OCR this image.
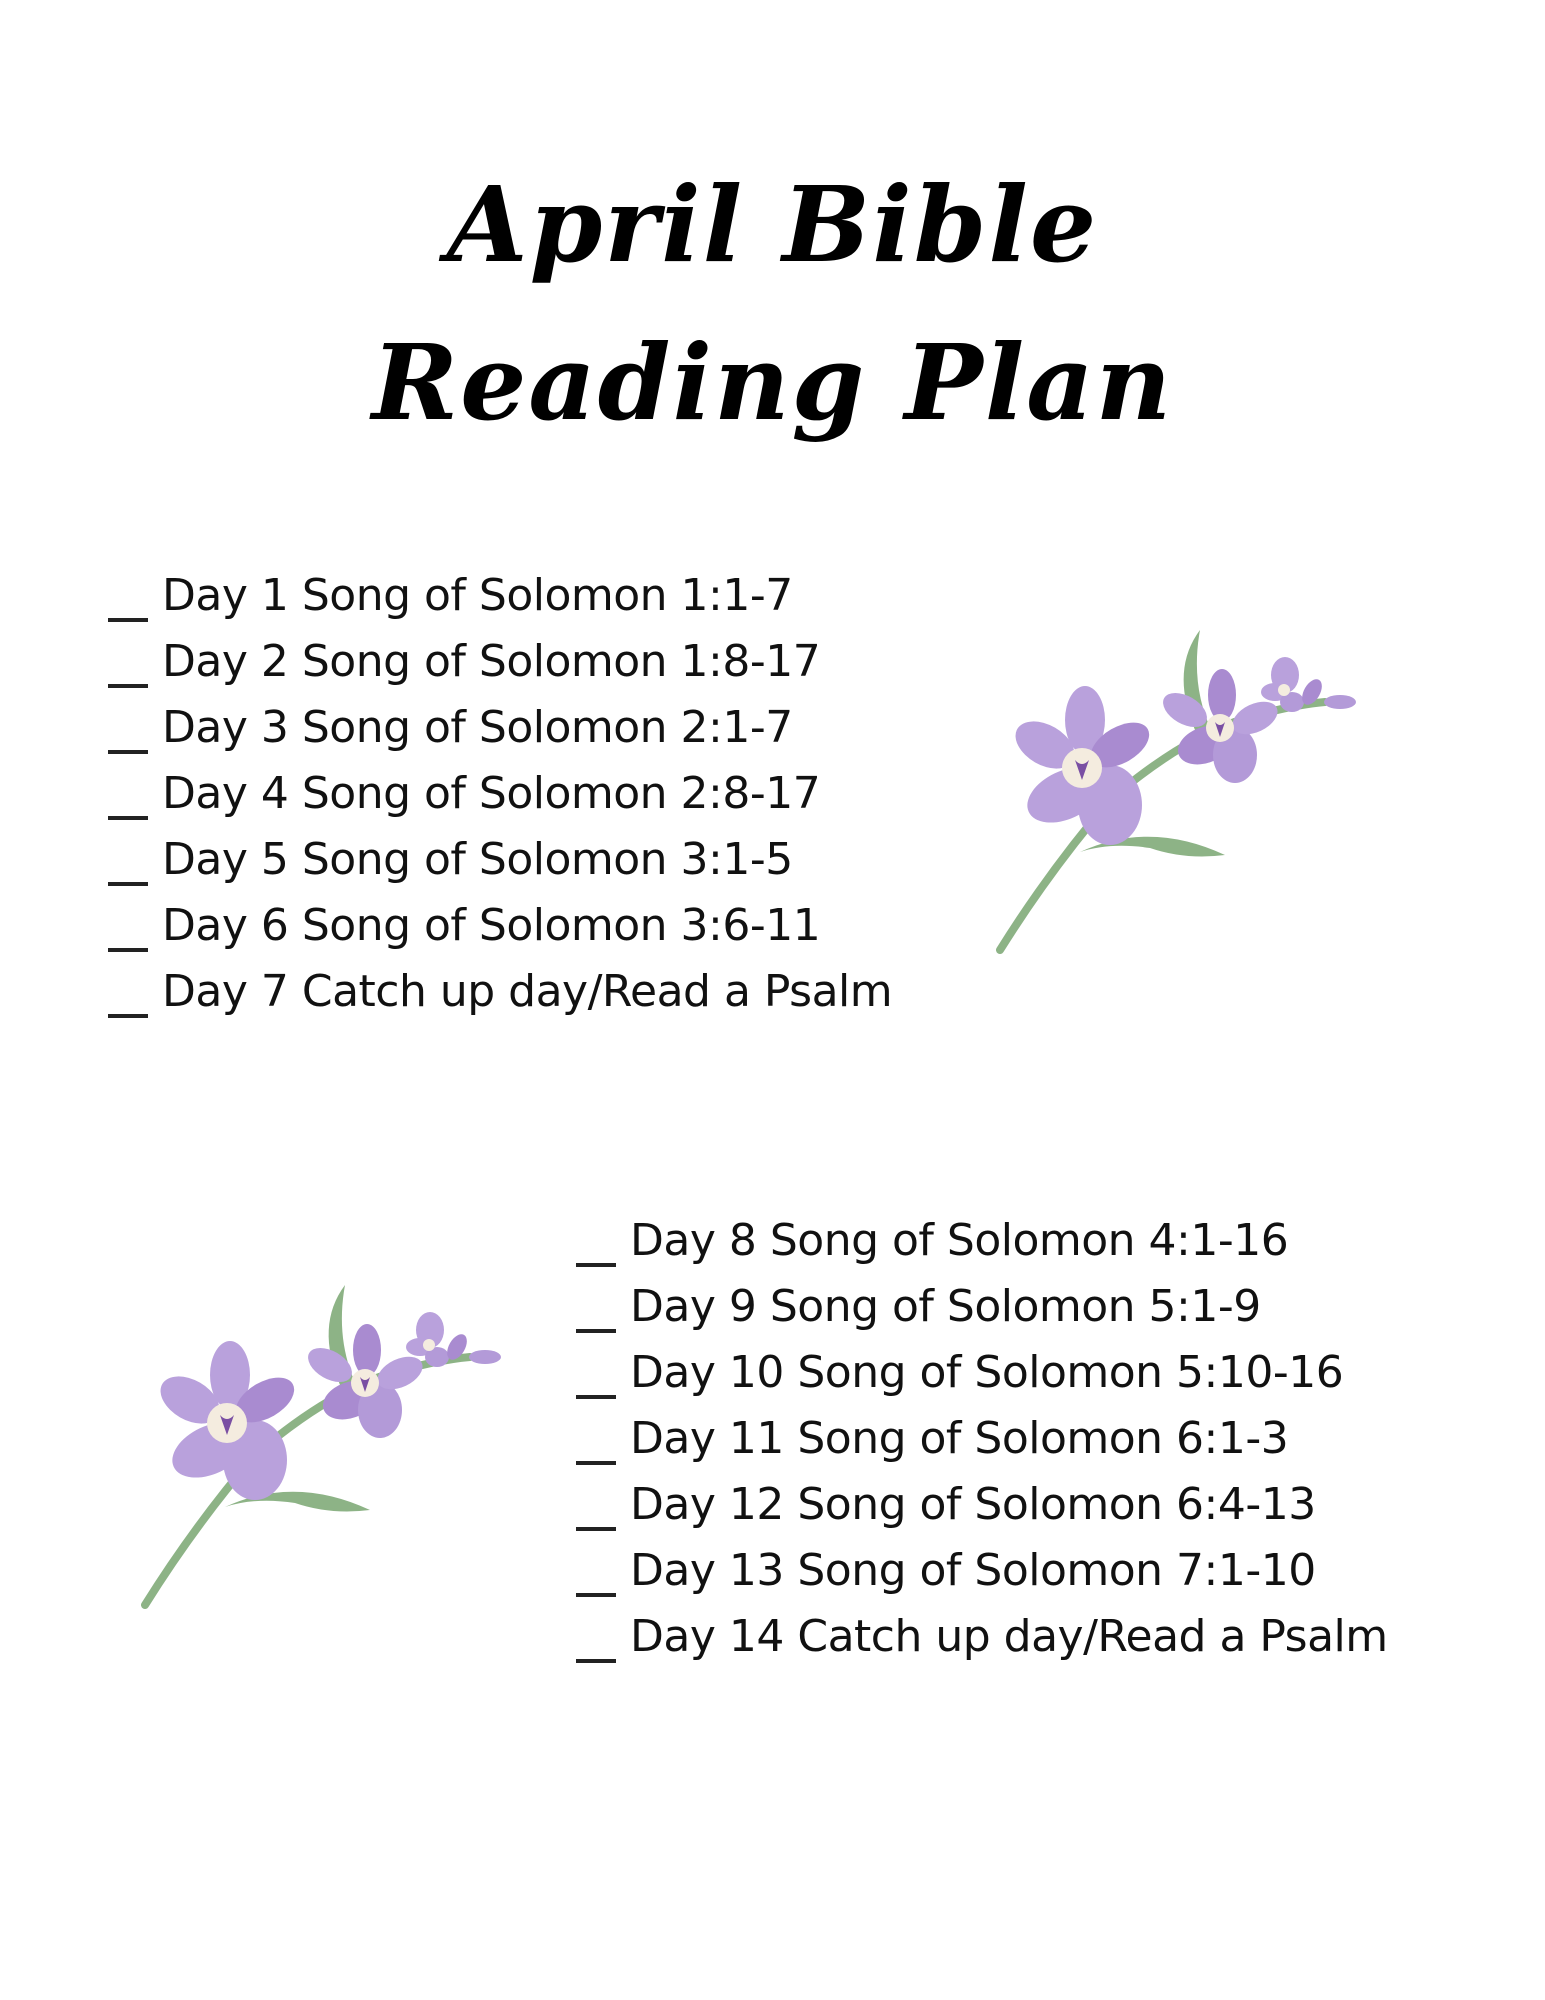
April Bible
Reading Plan
Day 1 Song of Solomon 1:1-7
Day 2 Song of Solomon 1:8-17
Day 3 Song of Solomon 2:1-7
Day 4 Song of Solomon 2:8-17
Day 5 Song of Solomon 3:1-5
Day 6 Song of Solomon 3:6-11
Day 7 Catch up day/Read a Psalm
Day 8 Song of Solomon 4:1-16
Day 9 Song of Solomon 5:1-9
Day 10 Song of Solomon 5:10-16
Day 11 Song of Solomon 6:1-3
Day 12 Song of Solomon 6:4-13
Day 13 Song of Solomon 7:1-10
Day 14 Catch up day/Read a Psalm
